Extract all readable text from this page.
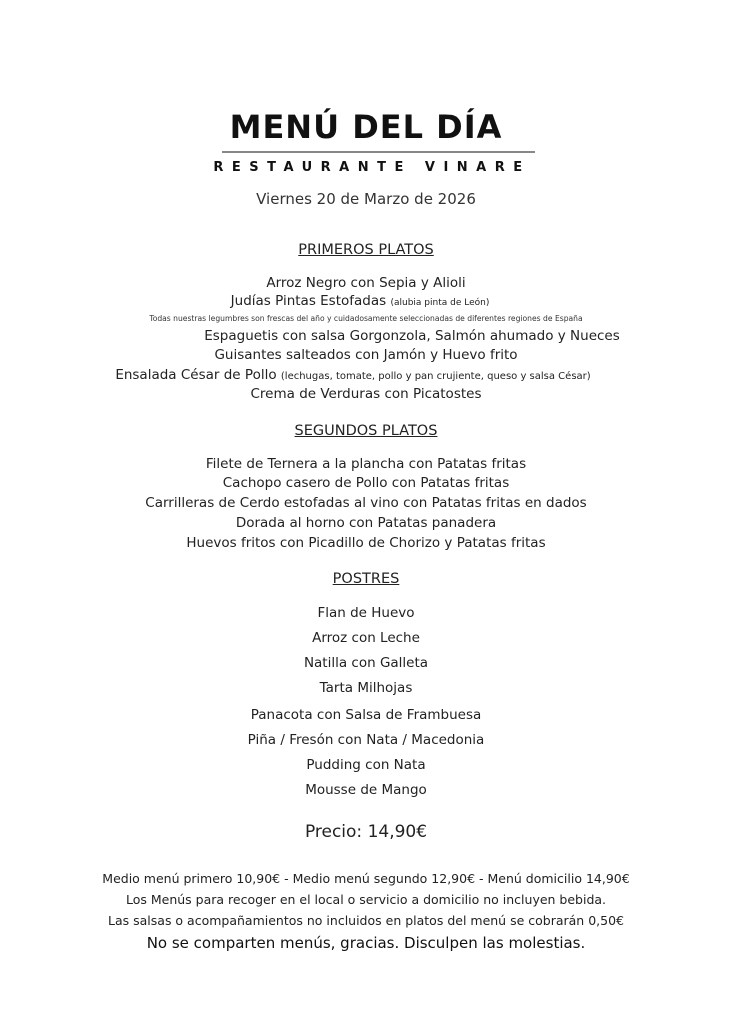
MENÚ DEL DÍA
RESTAURANTE VINARE
Viernes 20 de Marzo de 2026
PRIMEROS PLATOS
Arroz Negro con Sepia y Alioli
Judías Pintas Estofadas (alubia pinta de León)
Todas nuestras legumbres son frescas del año y cuidadosamente seleccionadas de diferentes regiones de España
Espaguetis con salsa Gorgonzola, Salmón ahumado y Nueces
Guisantes salteados con Jamón y Huevo frito
Ensalada César de Pollo (lechugas, tomate, pollo y pan crujiente, queso y salsa César)
Crema de Verduras con Picatostes
SEGUNDOS PLATOS
Filete de Ternera a la plancha con Patatas fritas
Cachopo casero de Pollo con Patatas fritas
Carrilleras de Cerdo estofadas al vino con Patatas fritas en dados
Dorada al horno con Patatas panadera
Huevos fritos con Picadillo de Chorizo y Patatas fritas
POSTRES
Flan de Huevo
Arroz con Leche
Natilla con Galleta
Tarta Milhojas
Panacota con Salsa de Frambuesa
Piña / Fresón con Nata / Macedonia
Pudding con Nata
Mousse de Mango
Precio: 14,90€
Medio menú primero 10,90€ - Medio menú segundo 12,90€ - Menú domicilio 14,90€
Los Menús para recoger en el local o servicio a domicilio no incluyen bebida.
Las salsas o acompañamientos no incluidos en platos del menú se cobrarán 0,50€
No se comparten menús, gracias. Disculpen las molestias.
